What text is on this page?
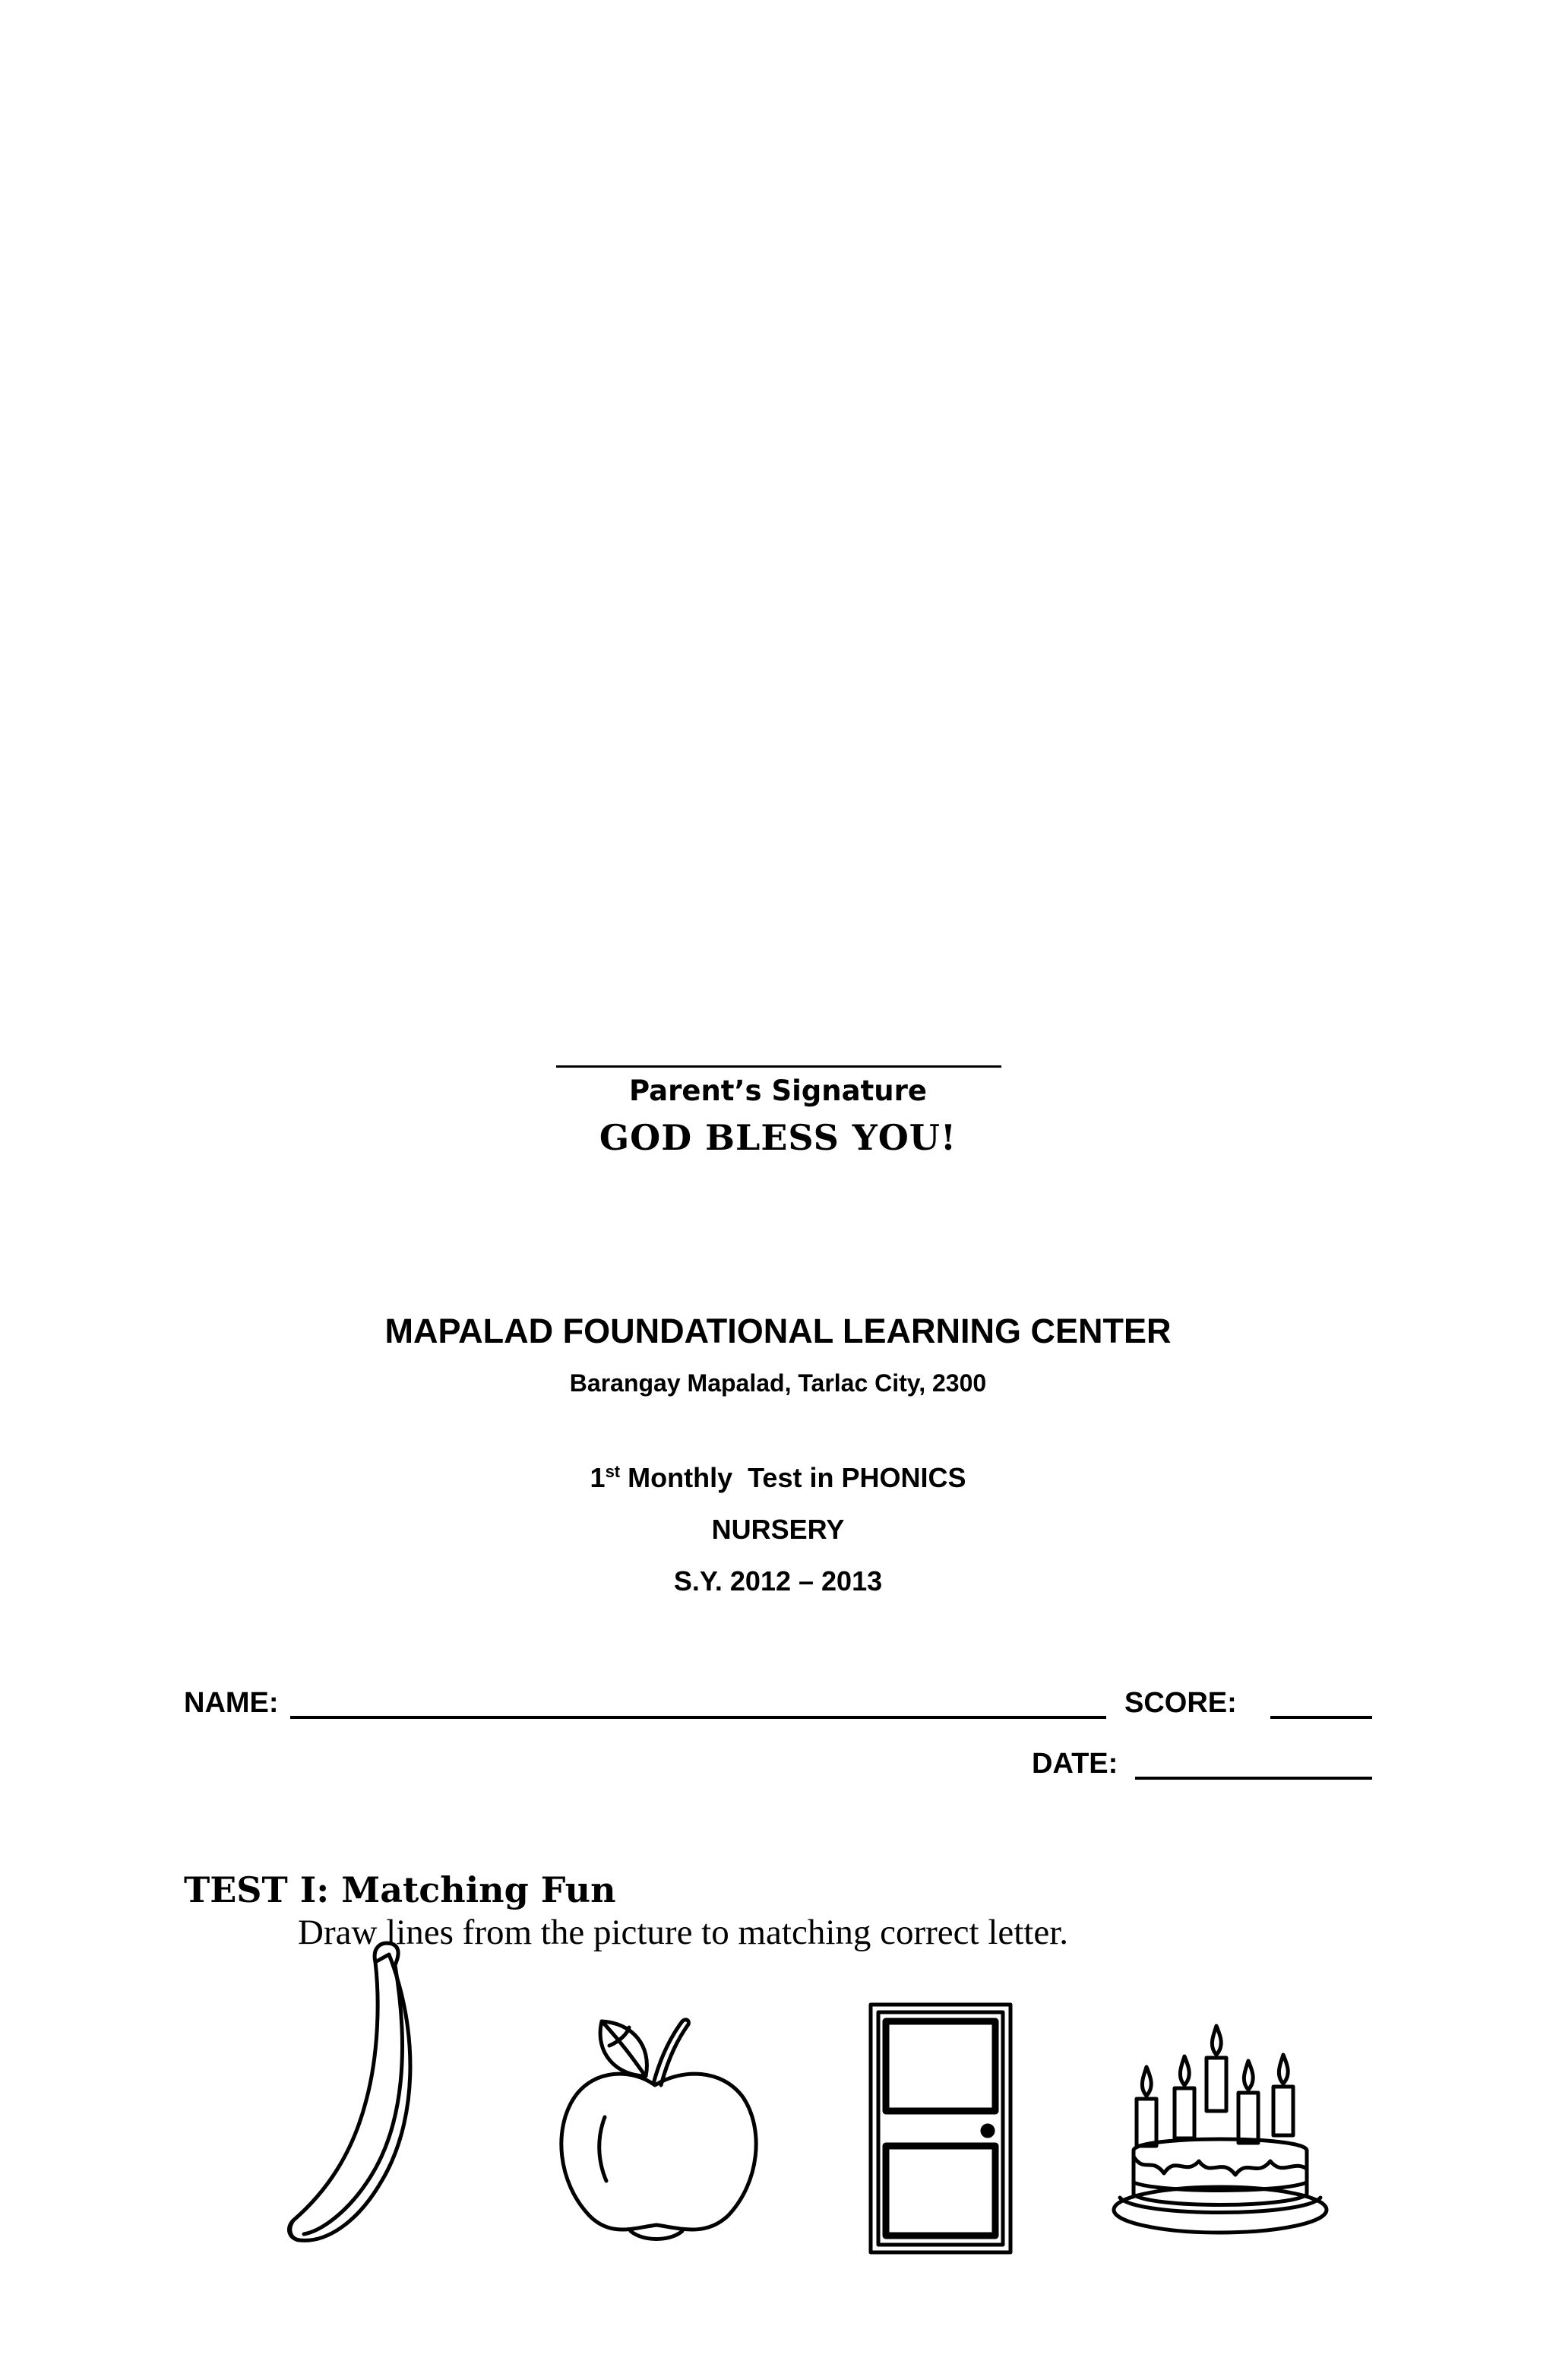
Parent’s Signature
GOD BLESS YOU!
MAPALAD FOUNDATIONAL LEARNING CENTER
Barangay Mapalad, Tarlac City, 2300
1st Monthly  Test in PHONICS
NURSERY
S.Y. 2012 – 2013
NAME:	SCORE:
DATE:
TEST I: Matching Fun
Draw lines from the picture to matching correct letter.
